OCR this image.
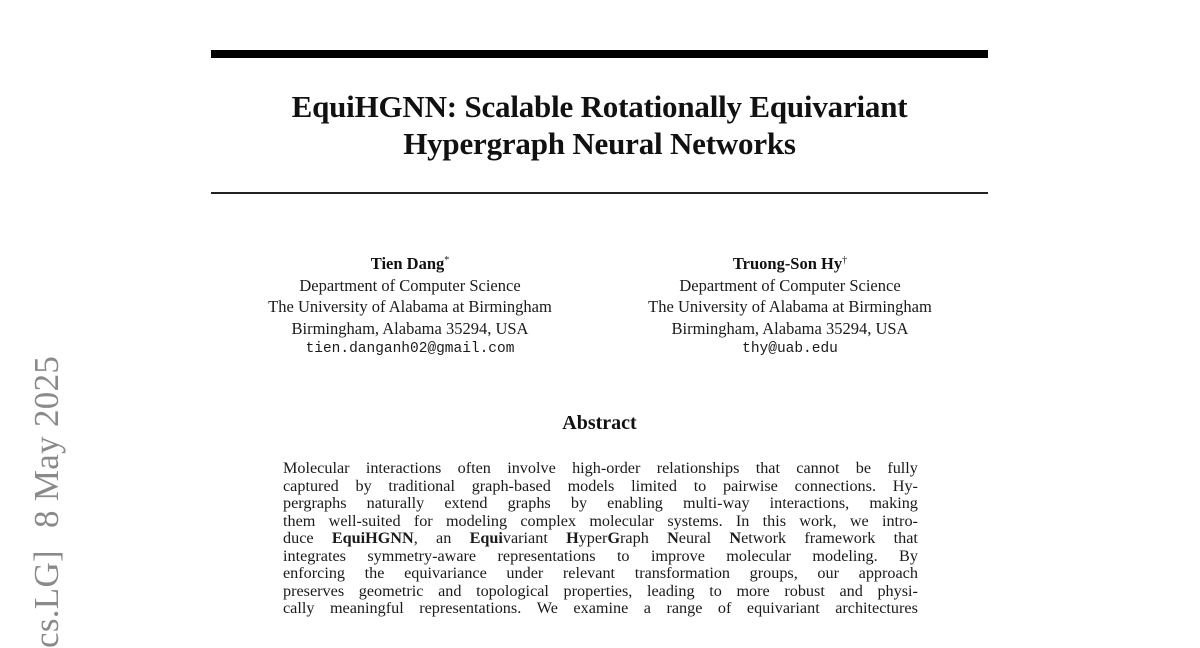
cs.LG]8 May 2025
EquiHGNN: Scalable Rotationally Equivariant
Hypergraph Neural Networks
Tien Dang*
Department of Computer Science
The University of Alabama at Birmingham
Birmingham, Alabama 35294, USA
tien.danganh02@gmail.com
Truong-Son Hy†
Department of Computer Science
The University of Alabama at Birmingham
Birmingham, Alabama 35294, USA
thy@uab.edu
Abstract
Molecular interactions often involve high-order relationships that cannot be fully
captured by traditional graph-based models limited to pairwise connections. Hy-
pergraphs naturally extend graphs by enabling multi-way interactions, making
them well-suited for modeling complex molecular systems. In this work, we intro-
duce EquiHGNN, an Equivariant HyperGraph Neural Network framework that
integrates symmetry-aware representations to improve molecular modeling. By
enforcing the equivariance under relevant transformation groups, our approach
preserves geometric and topological properties, leading to more robust and physi-
cally meaningful representations. We examine a range of equivariant architectures
